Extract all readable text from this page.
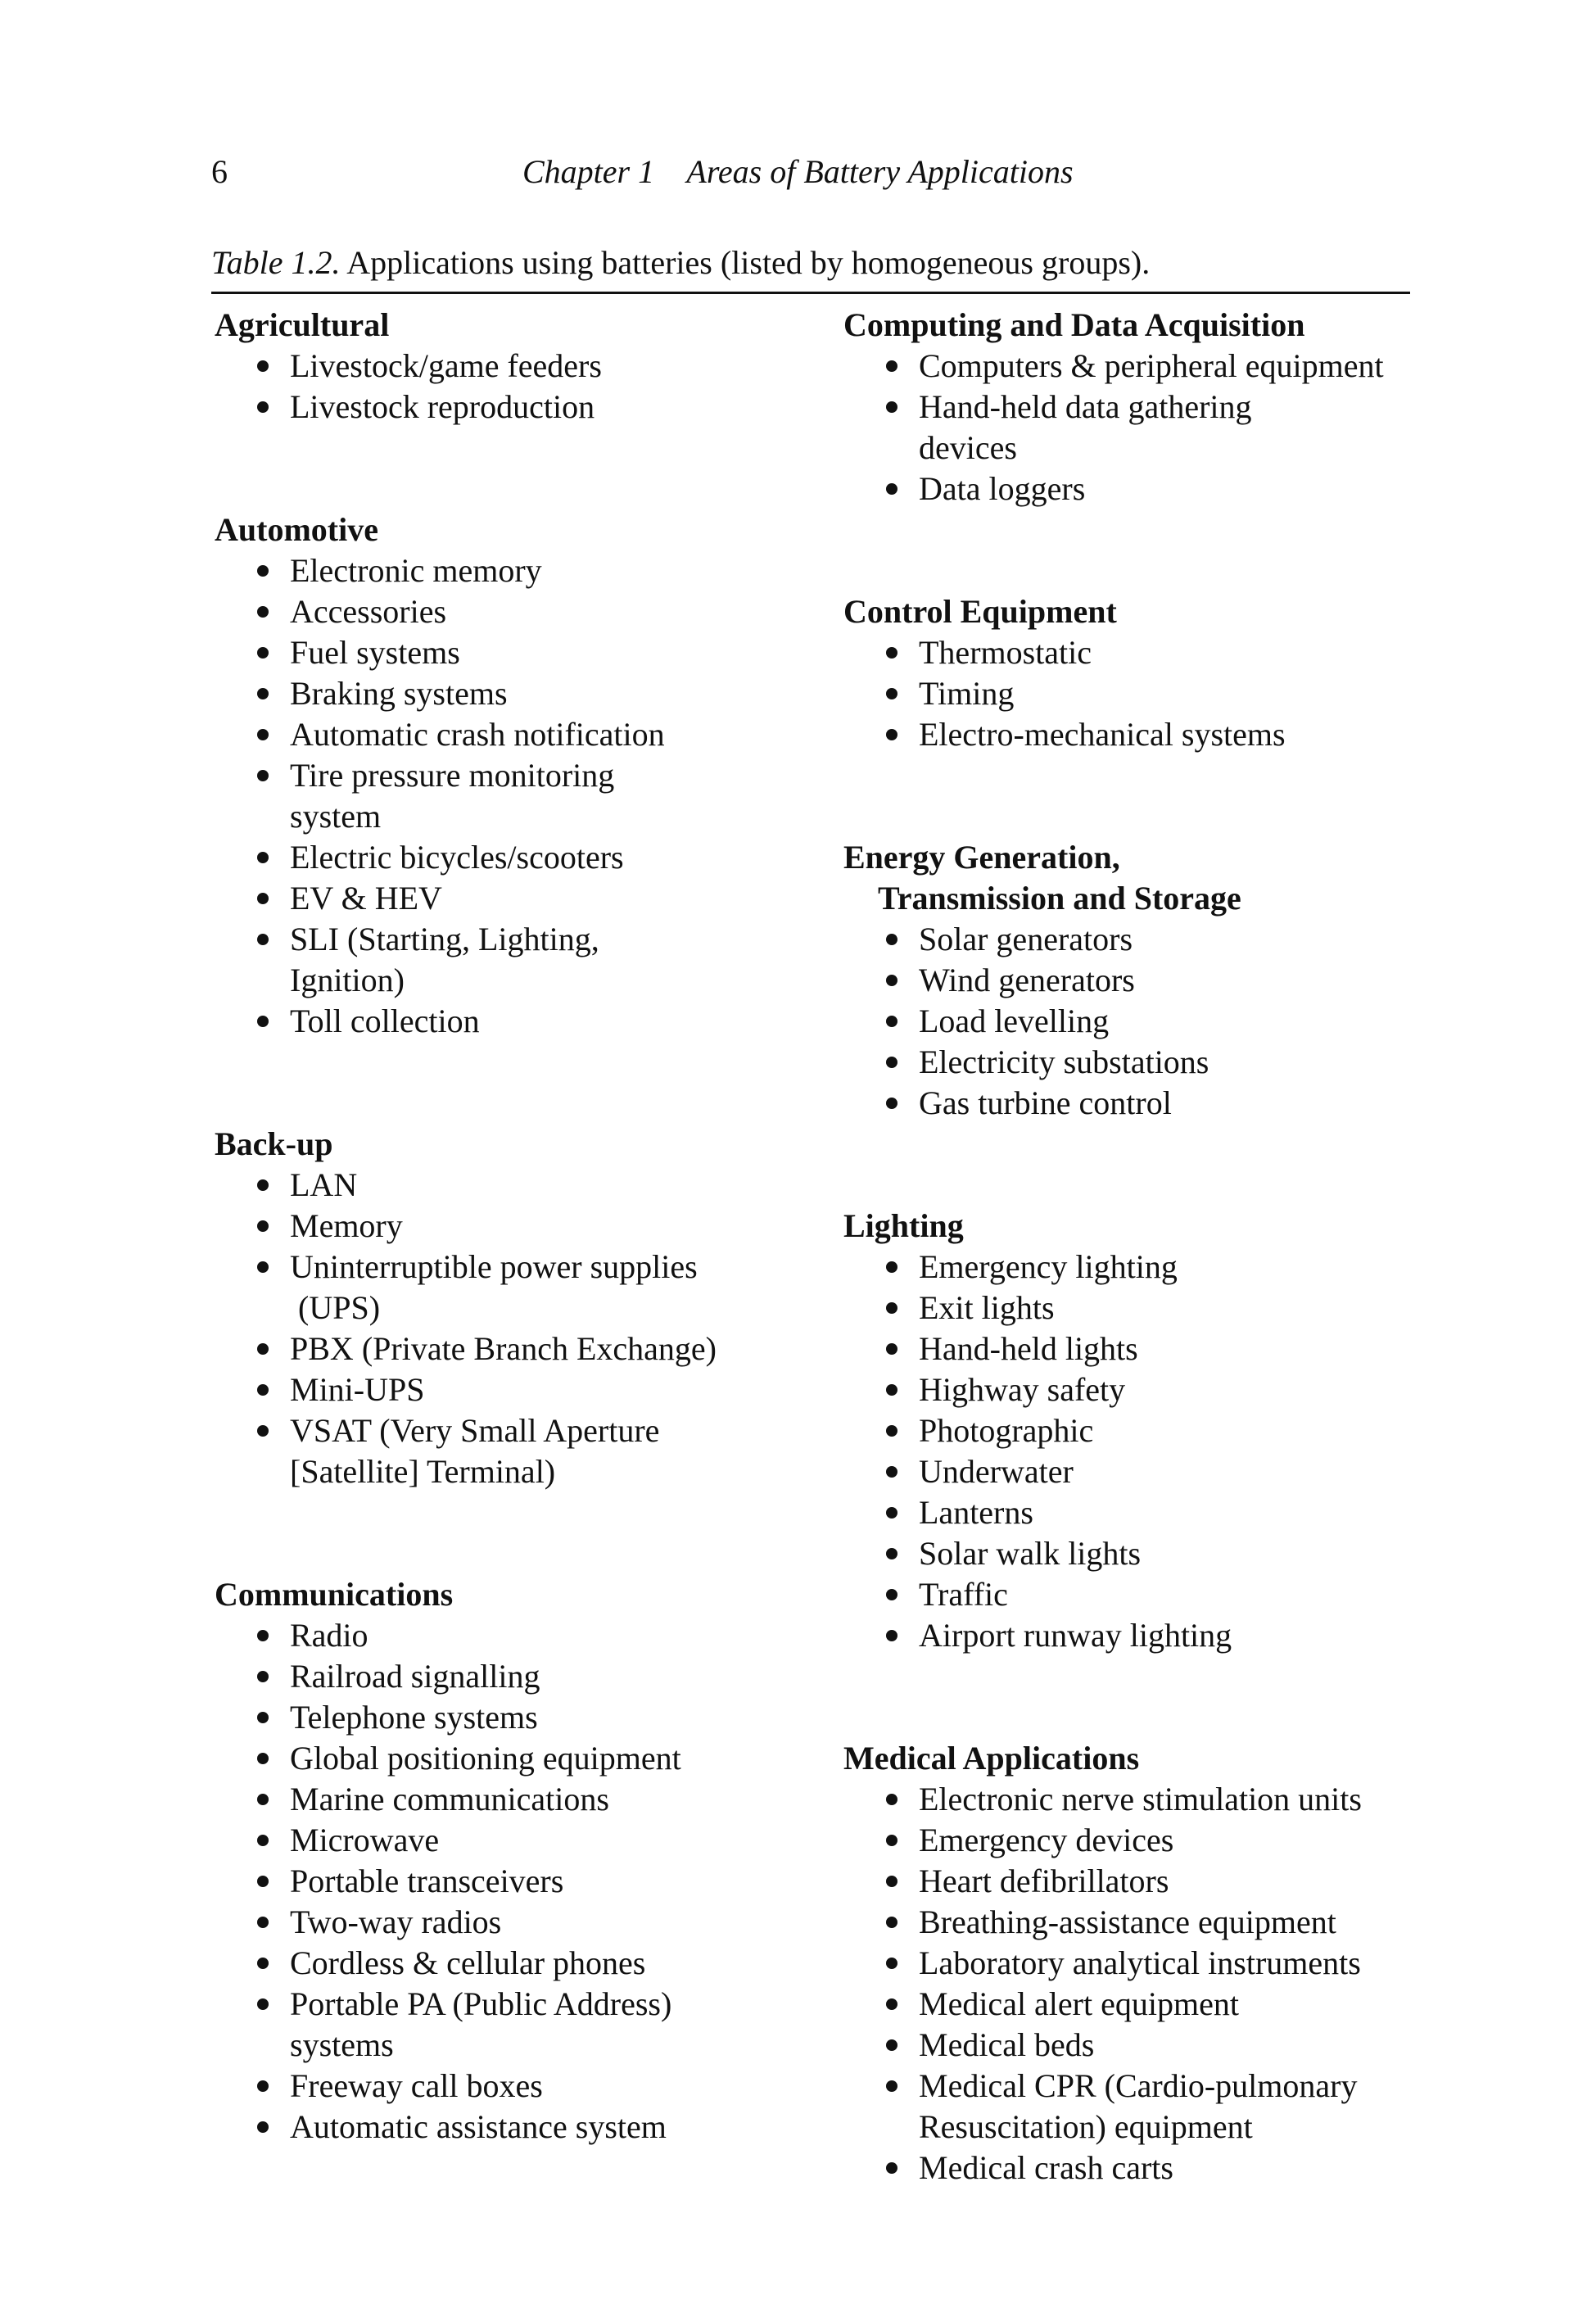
6	Chapter 1    Areas of Battery Applications
Table 1.2. Applications using batteries (listed by homogeneous groups).
Agricultural
Livestock/game feeders
Livestock reproduction
Automotive
Electronic memory
Accessories
Fuel systems
Braking systems
Automatic crash notification
Tire pressure monitoring
system
Electric bicycles/scooters
EV & HEV
SLI (Starting, Lighting,
Ignition)
Toll collection
Back-up
LAN
Memory
Uninterruptible power supplies
(UPS)
PBX (Private Branch Exchange)
Mini-UPS
VSAT (Very Small Aperture
[Satellite] Terminal)
Communications
Radio
Railroad signalling
Telephone systems
Global positioning equipment
Marine communications
Microwave
Portable transceivers
Two-way radios
Cordless & cellular phones
Portable PA (Public Address)
systems
Freeway call boxes
Automatic assistance system
Computing and Data Acquisition
Computers & peripheral equipment
Hand-held data gathering
devices
Data loggers
Control Equipment
Thermostatic
Timing
Electro-mechanical systems
Energy Generation,
Transmission and Storage
Solar generators
Wind generators
Load levelling
Electricity substations
Gas turbine control
Lighting
Emergency lighting
Exit lights
Hand-held lights
Highway safety
Photographic
Underwater
Lanterns
Solar walk lights
Traffic
Airport runway lighting
Medical Applications
Electronic nerve stimulation units
Emergency devices
Heart defibrillators
Breathing-assistance equipment
Laboratory analytical instruments
Medical alert equipment
Medical beds
Medical CPR (Cardio-pulmonary
Resuscitation) equipment
Medical crash carts
